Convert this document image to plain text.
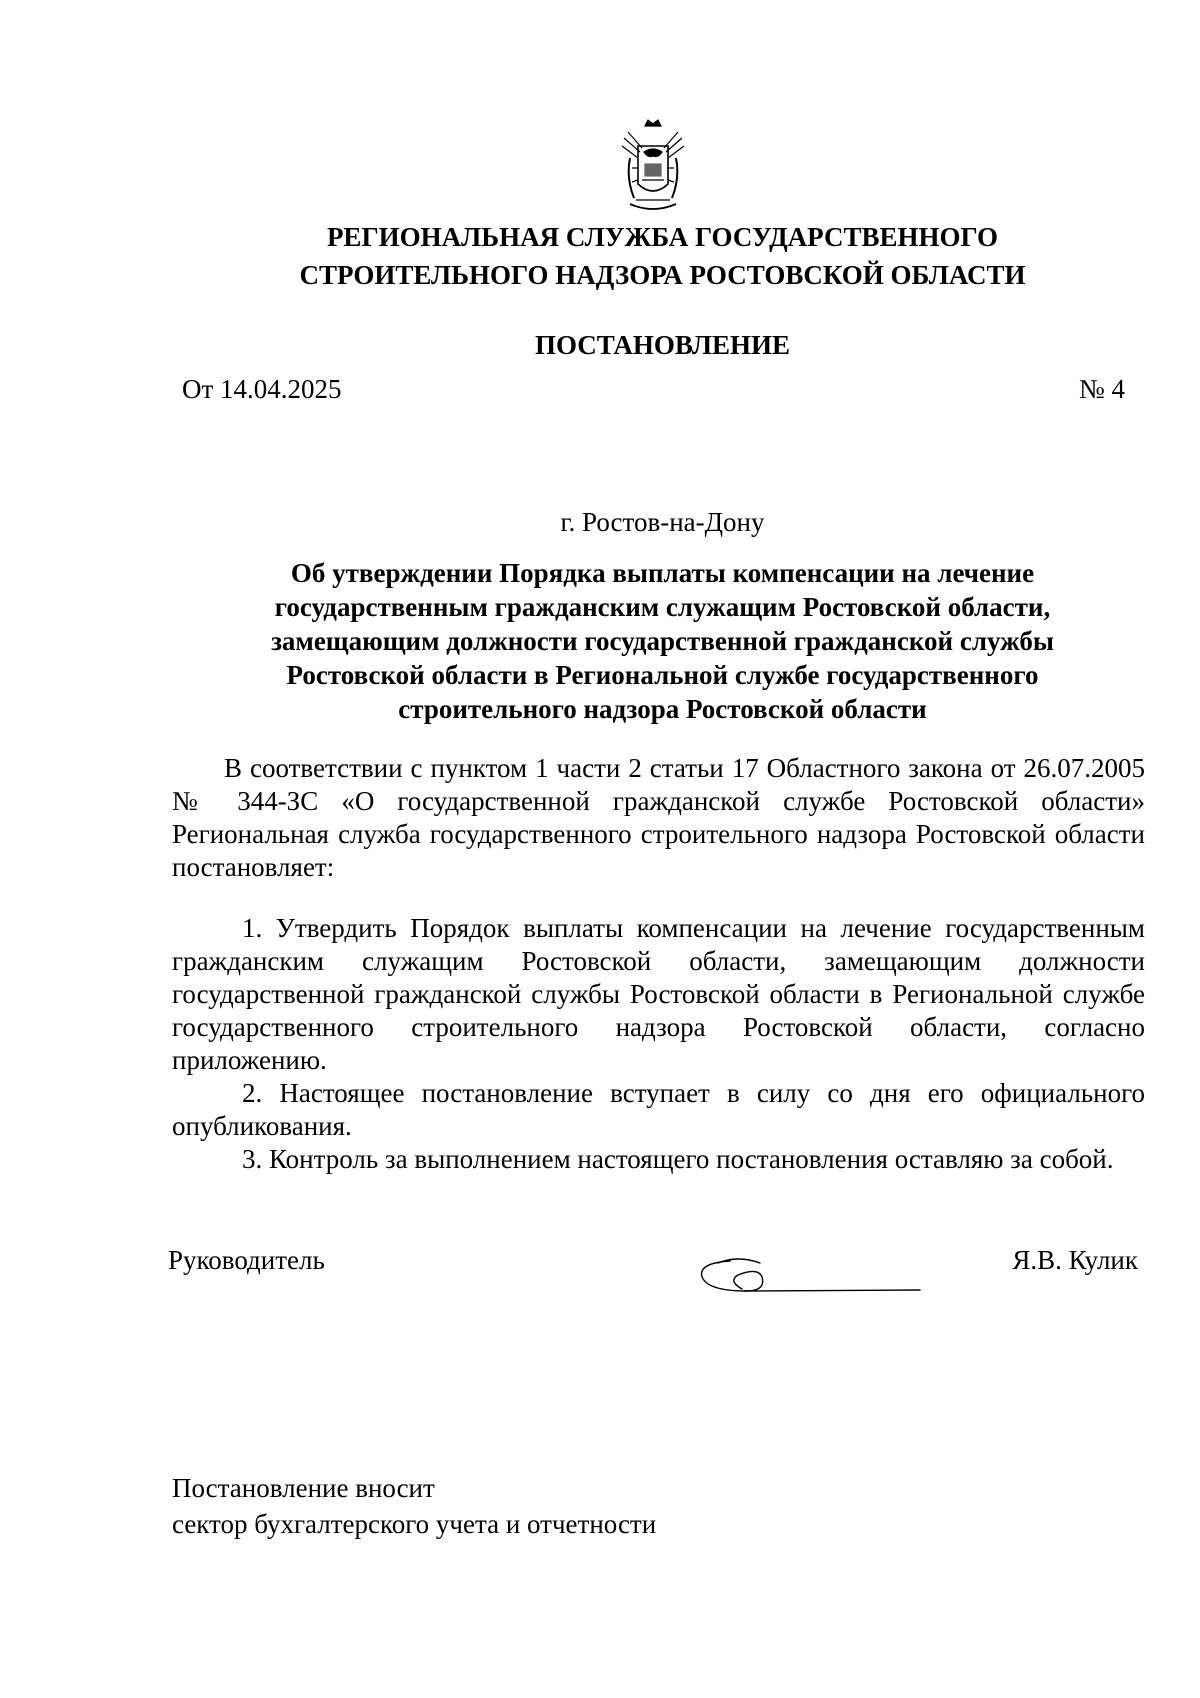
РЕГИОНАЛЬНАЯ СЛУЖБА ГОСУДАРСТВЕННОГО
СТРОИТЕЛЬНОГО НАДЗОРА РОСТОВСКОЙ ОБЛАСТИ
ПОСТАНОВЛЕНИЕ
От 14.04.2025	№ 4
г. Ростов-на-Дону
Об утверждении Порядка выплаты компенсации на лечение
государственным гражданским служащим Ростовской области,
замещающим должности государственной гражданской службы
Ростовской области в Региональной службе государственного
строительного надзора Ростовской области
В соответствии с пунктом 1 части 2 статьи 17 Областного закона от 26.07.2005 № 344-ЗС «О государственной гражданской службе Ростовской области» Региональная служба государственного строительного надзора Ростовской области постановляет:

1. Утвердить Порядок выплаты компенсации на лечение государственным гражданским служащим Ростовской области, замещающим должности государственной гражданской службы Ростовской области в Региональной службе государственного строительного надзора Ростовской области, согласно приложению.

2. Настоящее постановление вступает в силу со дня его официального опубликования.

3. Контроль за выполнением настоящего постановления оставляю за собой.

Руководитель	Я.В. Кулик
Постановление вносит
сектор бухгалтерского учета и отчетности
